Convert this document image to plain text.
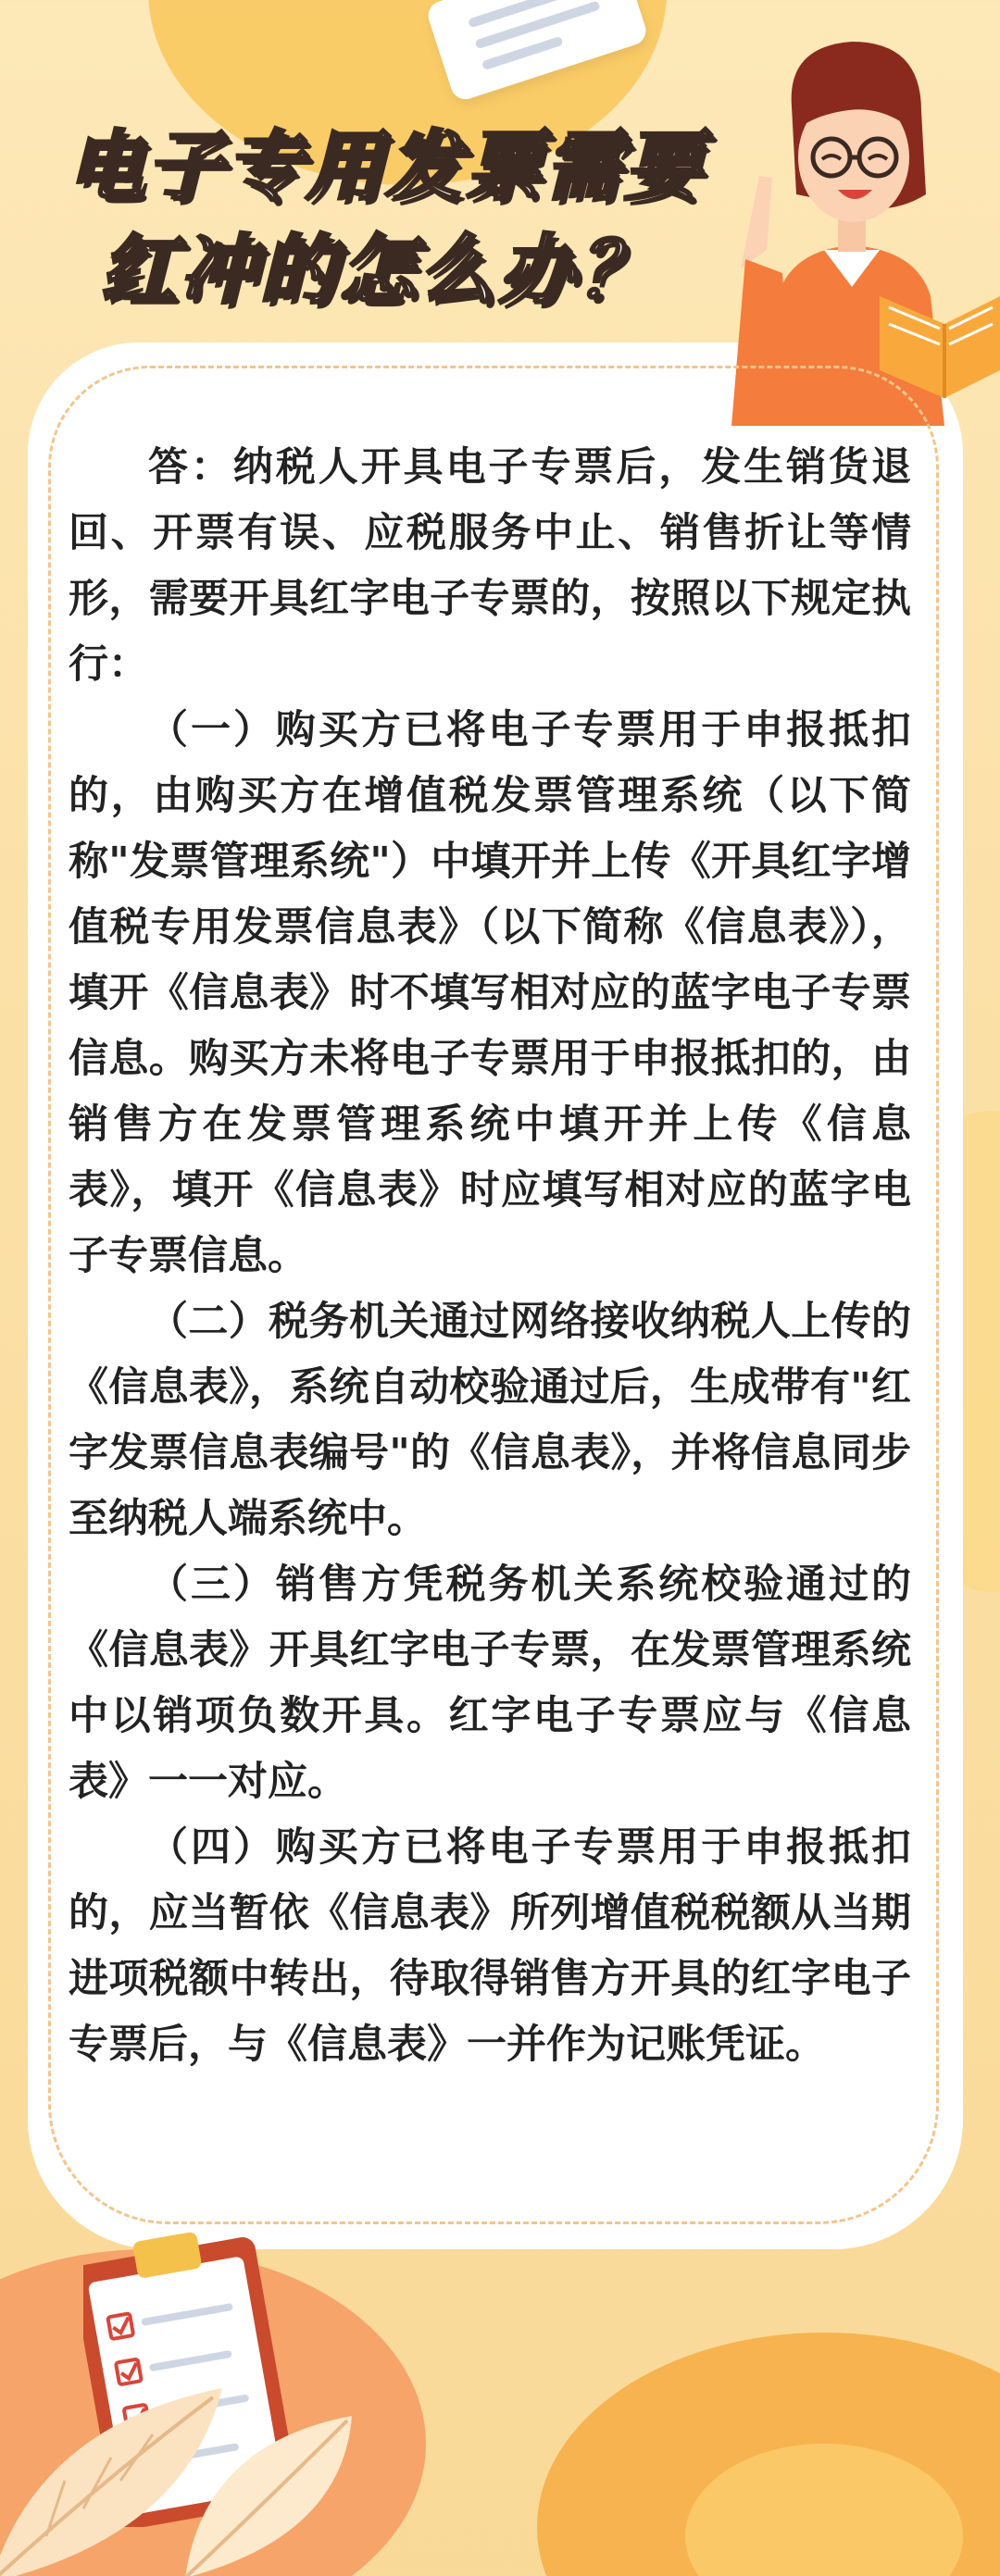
电子专用发票需要
红冲的怎么办？

答：纳税人开具电子专票后，发生销货退回、开票有误、应税服务中止、销售折让等情形，需要开具红字电子专票的，按照以下规定执行：

（一）购买方已将电子专票用于申报抵扣的，由购买方在增值税发票管理系统（以下简称"发票管理系统"）中填开并上传《开具红字增值税专用发票信息表》（以下简称《信息表》），填开《信息表》时不填写相对应的蓝字电子专票信息。购买方未将电子专票用于申报抵扣的，由销售方在发票管理系统中填开并上传《信息表》，填开《信息表》时应填写相对应的蓝字电子专票信息。

（二）税务机关通过网络接收纳税人上传的《信息表》，系统自动校验通过后，生成带有"红字发票信息表编号"的《信息表》，并将信息同步至纳税人端系统中。

（三）销售方凭税务机关系统校验通过的《信息表》开具红字电子专票，在发票管理系统中以销项负数开具。红字电子专票应与《信息表》一一对应。

（四）购买方已将电子专票用于申报抵扣的，应当暂依《信息表》所列增值税税额从当期进项税额中转出，待取得销售方开具的红字电子专票后，与《信息表》一并作为记账凭证。
